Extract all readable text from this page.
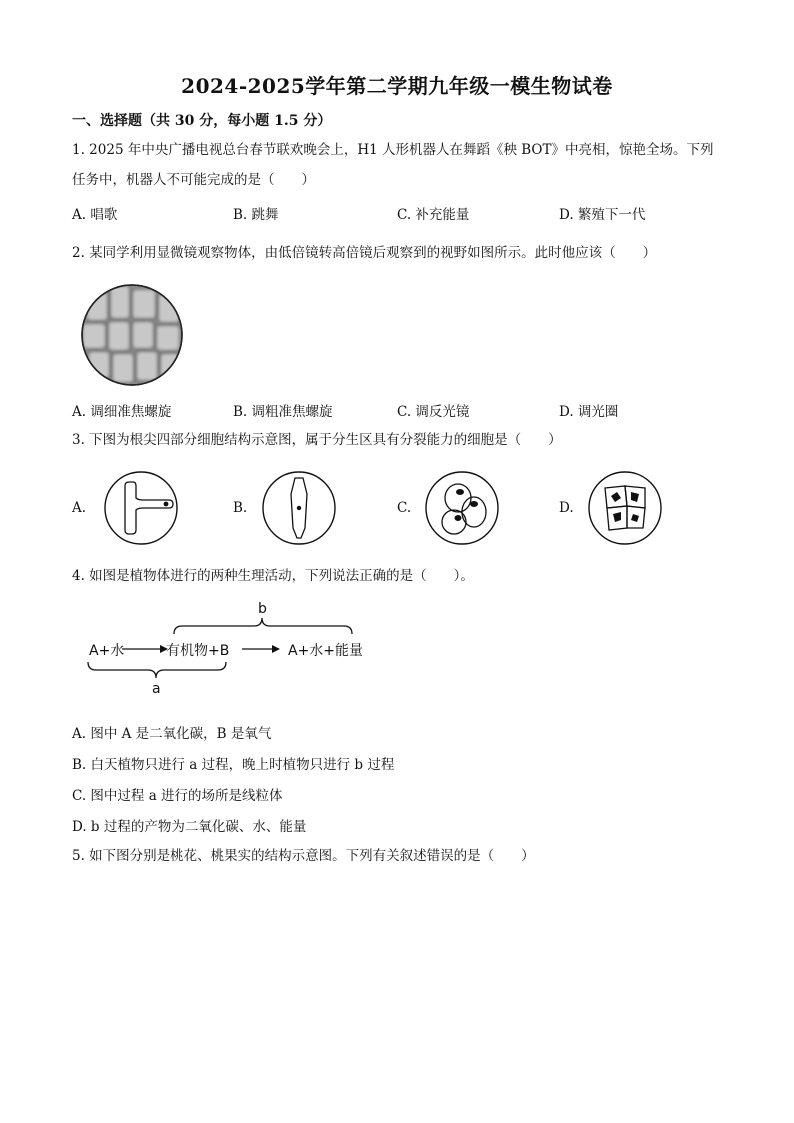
2024-2025学年第二学期九年级一模生物试卷
一、选择题（共 30 分，每小题 1.5 分）
1. 2025 年中央广播电视总台春节联欢晚会上，H1 人形机器人在舞蹈《秧 BOT》中亮相，惊艳全场。下列
任务中，机器人不可能完成的是（　　）
A. 唱歌	B. 跳舞	C. 补充能量	D. 繁殖下一代
2. 某同学利用显微镜观察物体，由低倍镜转高倍镜后观察到的视野如图所示。此时他应该（　　）
A. 调细准焦螺旋	B. 调粗准焦螺旋	C. 调反光镜	D. 调光圈
3. 下图为根尖四部分细胞结构示意图，属于分生区具有分裂能力的细胞是（　　）
A.	B.	C.	D.
4. 如图是植物体进行的两种生理活动，下列说法正确的是（　　）。
b
A+水	有机物+B	A+水+能量
a
A. 图中 A 是二氧化碳，B 是氧气
B. 白天植物只进行 a 过程，晚上时植物只进行 b 过程
C. 图中过程 a 进行的场所是线粒体
D. b 过程的产物为二氧化碳、水、能量
5. 如下图分别是桃花、桃果实的结构示意图。下列有关叙述错误的是（　　）
